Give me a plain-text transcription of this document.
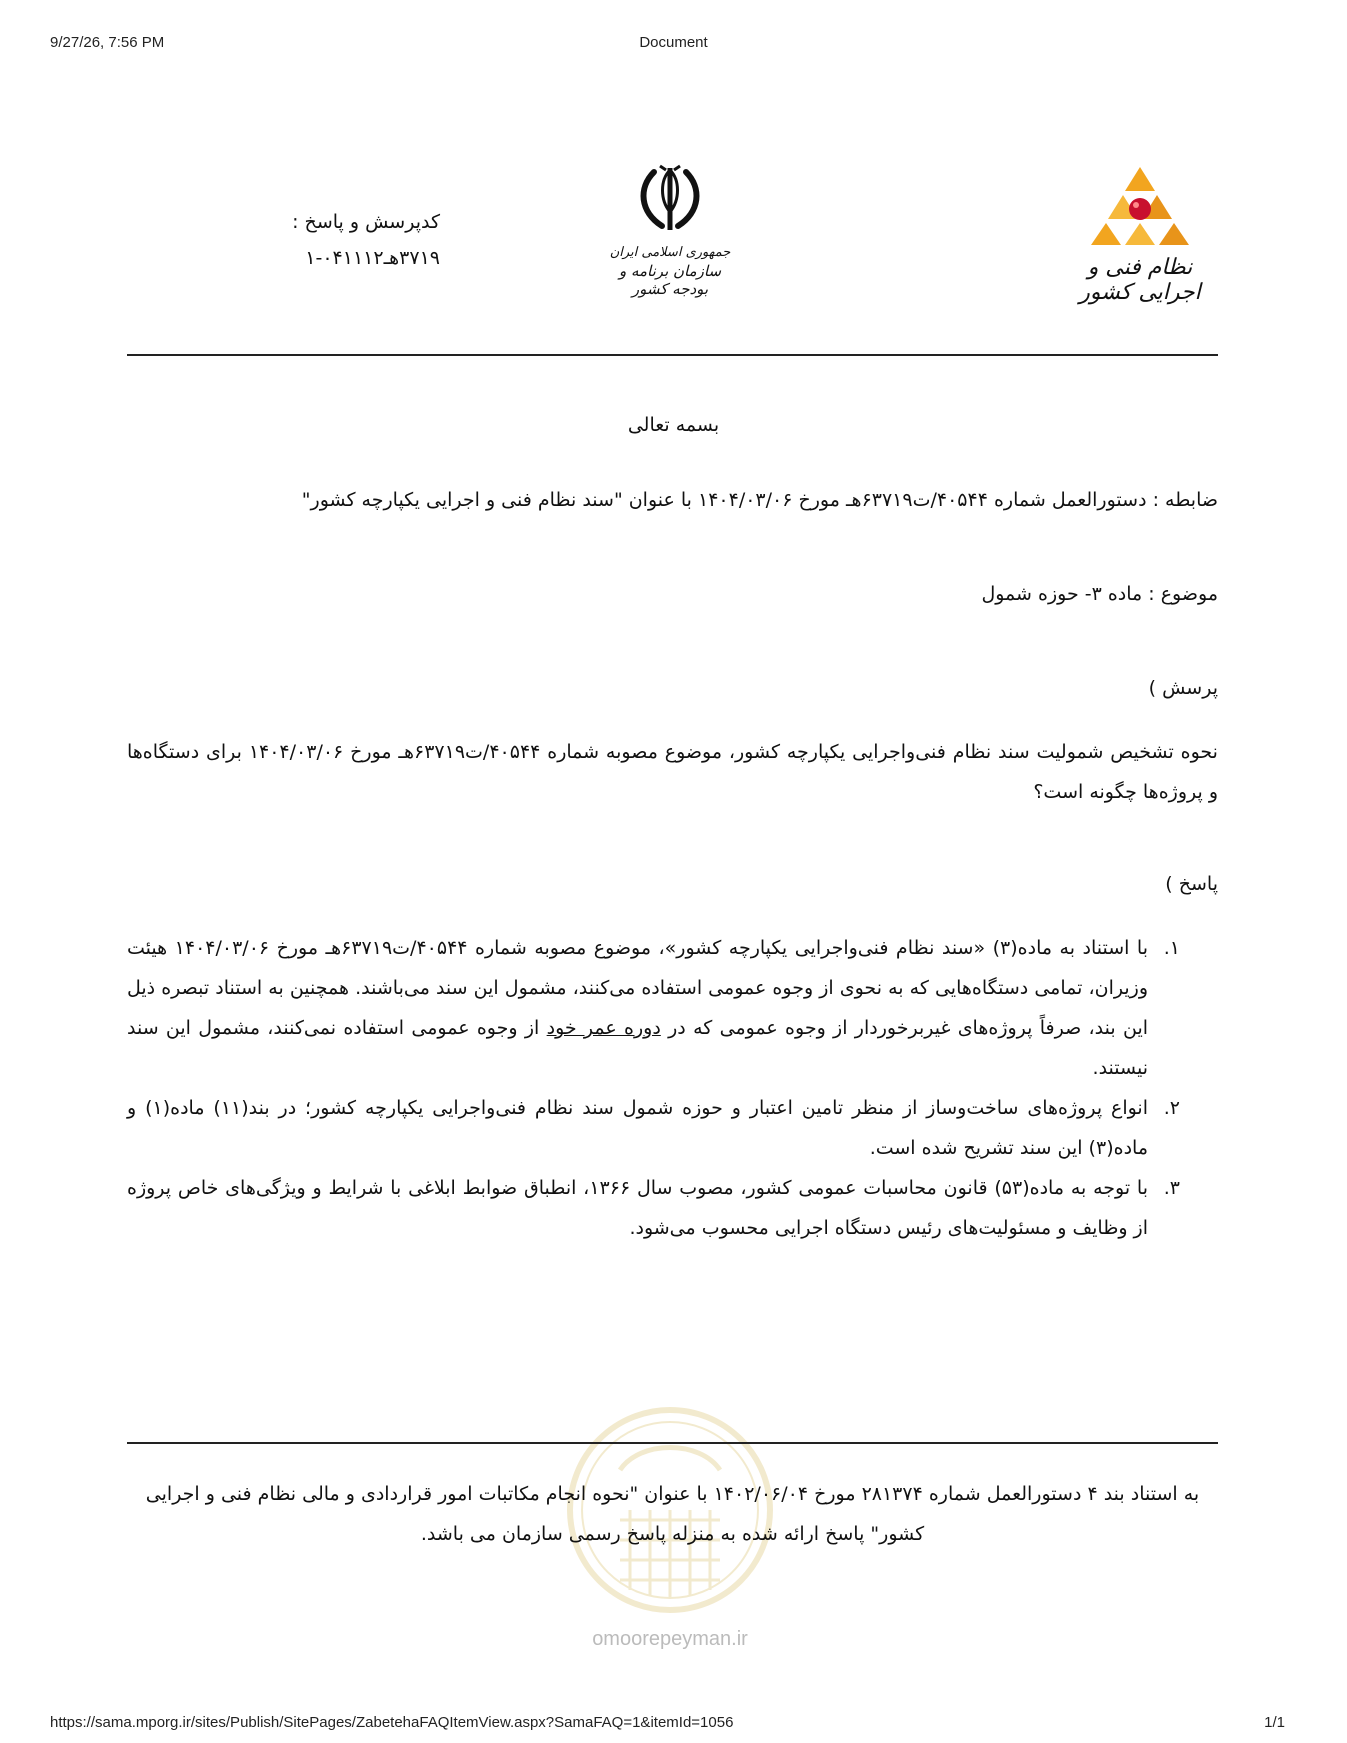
9/27/26, 7:56 PM	Document
نظام فنی و اجرایی کشور
جمهوری اسلامی ایران
سازمان برنامه و بودجه کشور
کدپرسش و پاسخ :
۳۷۱۹هـ۰۴۱۱۱۲-۱
بسمه تعالی
ضابطه : دستورالعمل شماره ۴۰۵۴۴/ت۶۳۷۱۹هـ مورخ ۱۴۰۴/۰۳/۰۶ با عنوان "سند نظام فنی و اجرایی یکپارچه کشور"
موضوع : ماده ۳- حوزه شمول
پرسش )
نحوه تشخیص شمولیت سند نظام فنی‌واجرایی یکپارچه کشور، موضوع مصوبه شماره ۴۰۵۴۴/ت۶۳۷۱۹هـ مورخ ۱۴۰۴/۰۳/۰۶ برای دستگاه‌ها و پروژه‌ها چگونه است؟
پاسخ )
۱.
با استناد به ماده(۳) «سند نظام فنی‌واجرایی یکپارچه کشور»، موضوع مصوبه شماره ۴۰۵۴۴/ت۶۳۷۱۹هـ مورخ ۱۴۰۴/۰۳/۰۶ هیئت وزیران، تمامی دستگاه‌هایی که به نحوی از وجوه عمومی استفاده می‌کنند، مشمول این سند می‌باشند. همچنین به استناد تبصره ذیل این بند، صرفاً پروژه‌های غیربرخوردار از وجوه عمومی که در دوره عمر خود از وجوه عمومی استفاده نمی‌کنند، مشمول این سند نیستند.
۲.
انواع پروژه‌های ساخت‌وساز از منظر تامین اعتبار و حوزه شمول سند نظام فنی‌واجرایی یکپارچه کشور؛ در بند(۱۱) ماده(۱) و ماده(۳) این سند تشریح شده است.
۳.
با توجه به ماده(۵۳) قانون محاسبات عمومی کشور، مصوب سال ۱۳۶۶، انطباق ضوابط ابلاغی با شرایط و ویژگی‌های خاص پروژه از وظایف و مسئولیت‌های رئیس دستگاه اجرایی محسوب می‌شود.
omoorepeyman.ir
به استناد بند ۴ دستورالعمل شماره ۲۸۱۳۷۴ مورخ ۱۴۰۲/۰۶/۰۴ با عنوان "نحوه انجام مکاتبات امور قراردادی و مالی نظام فنی و اجرایی کشور" پاسخ ارائه شده به منزله پاسخ رسمی سازمان می باشد.
https://sama.mporg.ir/sites/Publish/SitePages/ZabetehaFAQItemView.aspx?SamaFAQ=1&itemId=1056	1/1
